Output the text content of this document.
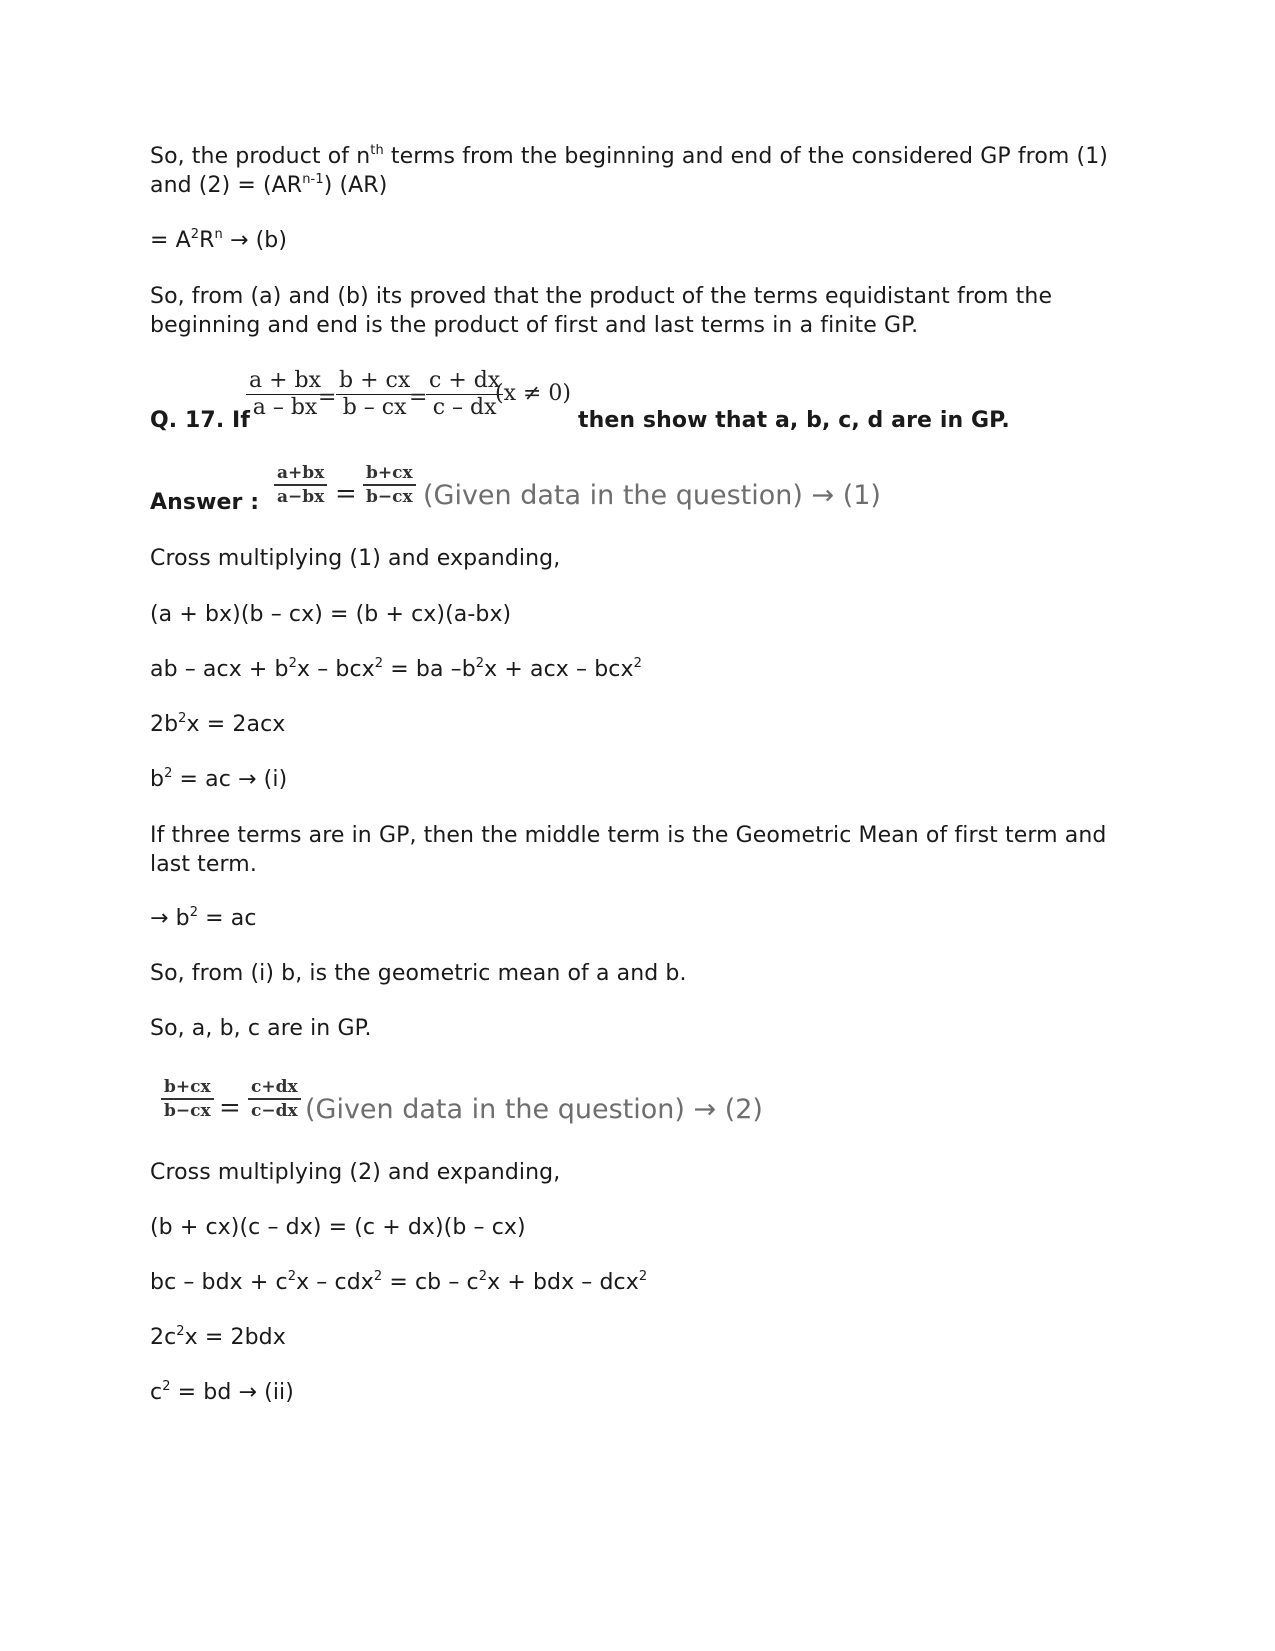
So, the product of $n^{th}$ terms from the beginning and end of the considered GP from (1)
and $(2) = (AR^{n-1})$ (AR)
= $A^2R^n \to (b)$
So, from (a) and (b) its proved that the product of the terms equidistant from the
beginning and end is the product of first and last terms in a finite GP.
Q. 17. If
a + bx
a – bx =
b + cx
b – cx =
c + dx
c – dx
(x ≠ 0)
then show that a, b, c, d are in GP.
Answer :
a+bx
a−bx =
b+cx
b−cx (Given data in the question) → (1)
Cross multiplying (1) and expanding,
(a + bx)(b – cx) = (b + cx)(a-bx)
ab – acx + $b^2x - bcx^2$ = ba $-b^2x$ + acx – bcx$^2$
$2b^2x = 2acx$
$b^2$ = ac → (i)
If three terms are in GP, then the middle term is the Geometric Mean of first term and
last term.
→ $b^2$ = ac
So, from (i) b, is the geometric mean of a and b.
So, a, b, c are in GP.
b+cx
b−cx =
c+dx
c−dx (Given data in the question) → (2)
Cross multiplying (2) and expanding,
(b + cx)(c – dx) = (c + dx)(b – cx)
bc – bdx + $c^2x - cdx^2$ = cb – $c^2x$ + bdx – dcx$^2$
$2c^2x = 2bdx$
$c^2$ = bd → (ii)
